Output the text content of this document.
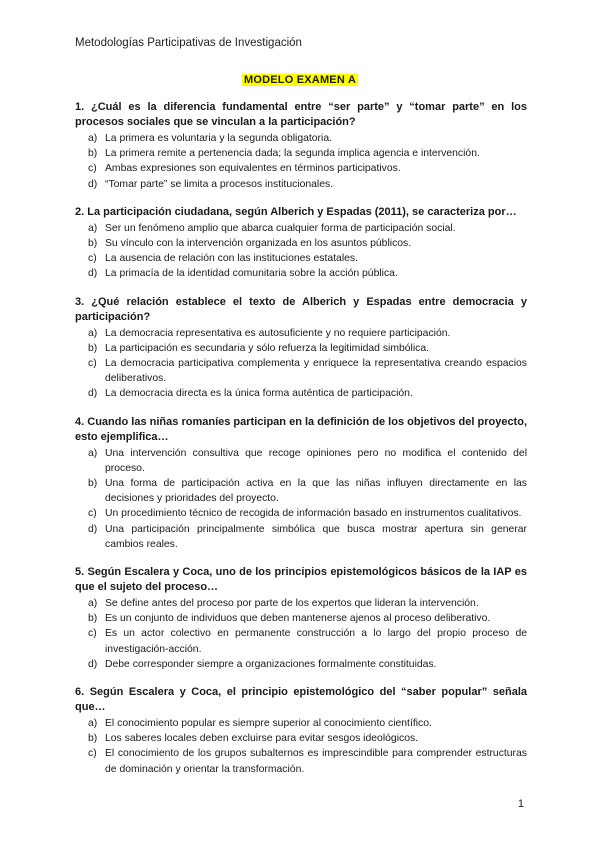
Metodologías Participativas de Investigación
MODELO EXAMEN A

1. ¿Cuál es la diferencia fundamental entre “ser parte” y “tomar parte” en los procesos sociales que se vinculan a la participación?

a) La primera es voluntaria y la segunda obligatoria.
b) La primera remite a pertenencia dada; la segunda implica agencia e intervención.
c) Ambas expresiones son equivalentes en términos participativos.
d) “Tomar parte” se limita a procesos institucionales.

2. La participación ciudadana, según Alberich y Espadas (2011), se caracteriza por…

a) Ser un fenómeno amplio que abarca cualquier forma de participación social.
b) Su vínculo con la intervención organizada en los asuntos públicos.
c) La ausencia de relación con las instituciones estatales.
d) La primacía de la identidad comunitaria sobre la acción pública.

3. ¿Qué relación establece el texto de Alberich y Espadas entre democracia y participación?

a) La democracia representativa es autosuficiente y no requiere participación.
b) La participación es secundaria y sólo refuerza la legitimidad simbólica.
c) La democracia participativa complementa y enriquece la representativa creando espacios deliberativos.
d) La democracia directa es la única forma auténtica de participación.

4. Cuando las niñas romaníes participan en la definición de los objetivos del proyecto, esto ejemplifica…

a) Una intervención consultiva que recoge opiniones pero no modifica el contenido del proceso.
b) Una forma de participación activa en la que las niñas influyen directamente en las decisiones y prioridades del proyecto.
c) Un procedimiento técnico de recogida de información basado en instrumentos cualitativos.
d) Una participación principalmente simbólica que busca mostrar apertura sin generar cambios reales.

5. Según Escalera y Coca, uno de los principios epistemológicos básicos de la IAP es que el sujeto del proceso…

a) Se define antes del proceso por parte de los expertos que lideran la intervención.
b) Es un conjunto de individuos que deben mantenerse ajenos al proceso deliberativo.
c) Es un actor colectivo en permanente construcción a lo largo del propio proceso de investigación-acción.
d) Debe corresponder siempre a organizaciones formalmente constituidas.

6. Según Escalera y Coca, el principio epistemológico del “saber popular” señala que…

a) El conocimiento popular es siempre superior al conocimiento científico.
b) Los saberes locales deben excluirse para evitar sesgos ideológicos.
c) El conocimiento de los grupos subalternos es imprescindible para comprender estructuras de dominación y orientar la transformación.
1
